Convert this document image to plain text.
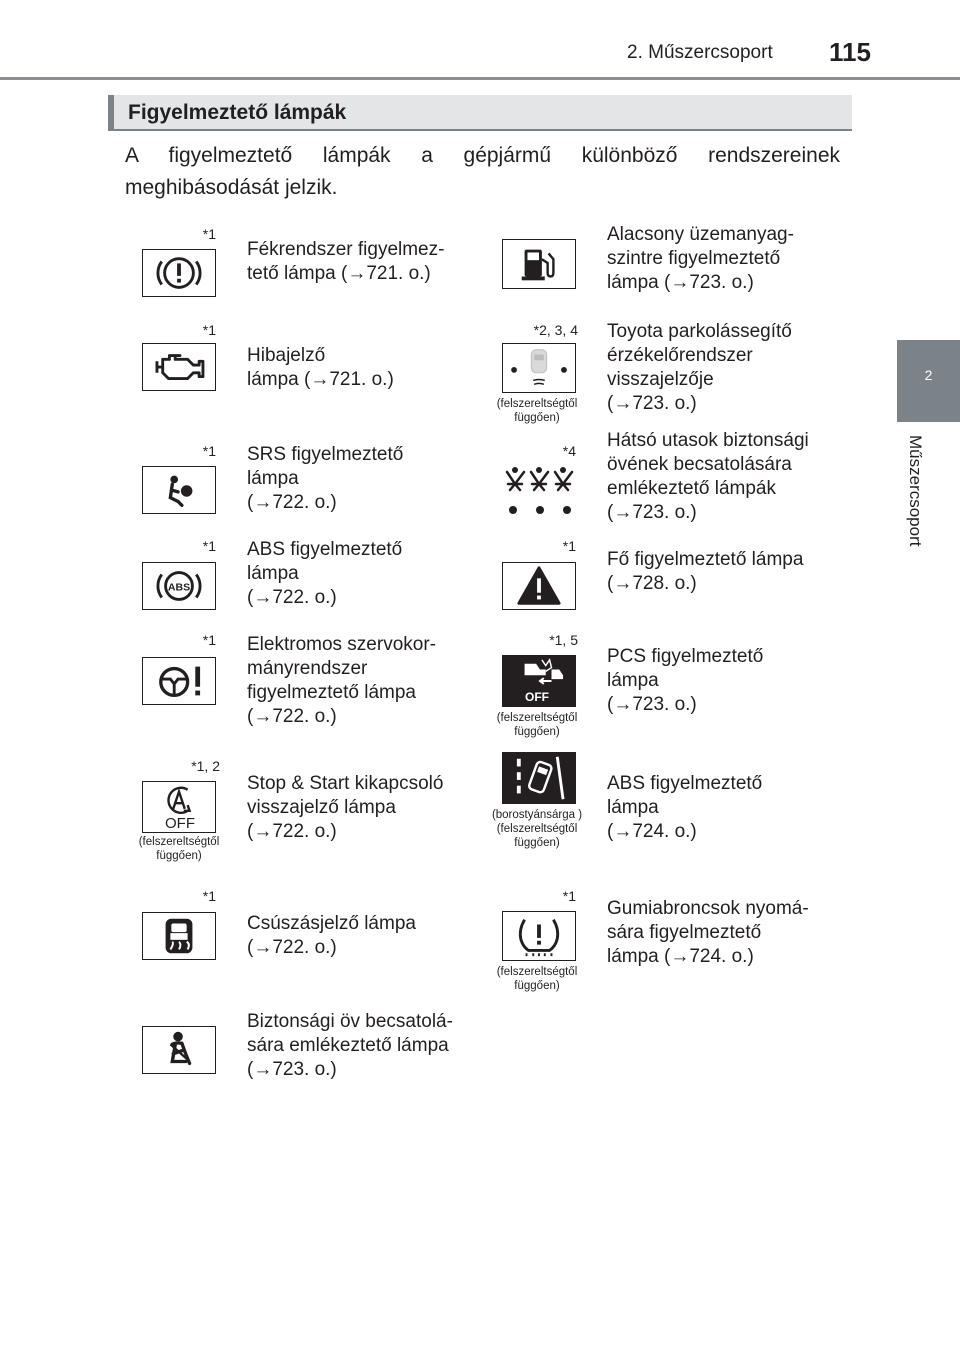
2. Műszercsoport 115
2
Műszercsoport
Figyelmeztető lámpák
A figyelmeztető lámpák a gépjármű különböző rendszereinek meghibásodását jelzik.
*1
Fékrendszer figyelmez-
tető lámpa (→721. o.)
*1
Hibajelző
lámpa (→721. o.)
*1 SRS figyelmeztető
lámpa
(→722. o.)
*1
ABS
ABS figyelmeztető
lámpa
(→722. o.)
*1 Elektromos szervokor-
mányrendszer
figyelmeztető lámpa
(→722. o.)
*1, 2
OFF
(felszereltségtől függően)
Stop & Start kikapcsoló
visszajelző lámpa
(→722. o.)
*1
Csúszásjelző lámpa
(→722. o.)
Biztonsági öv becsatolá-
sára emlékeztető lámpa
(→723. o.)
Alacsony üzemanyag-
szintre figyelmeztető
lámpa (→723. o.)
*2, 3, 4
(felszereltségtől függően)
Toyota parkolássegítő
érzékelőrendszer
visszajelzője
(→723. o.)
*4 Hátsó utasok biztonsági
övének becsatolására
emlékeztető lámpák
(→723. o.)
*1
Fő figyelmeztető lámpa
(→728. o.)
*1, 5
OFF
(felszereltségtől függően)
PCS figyelmeztető
lámpa
(→723. o.)
(borostyánsárga ) (felszereltségtől függően)
ABS figyelmeztető
lámpa
(→724. o.)
*1
(felszereltségtől függően)
Gumiabroncsok nyomá-
sára figyelmeztető
lámpa (→724. o.)
